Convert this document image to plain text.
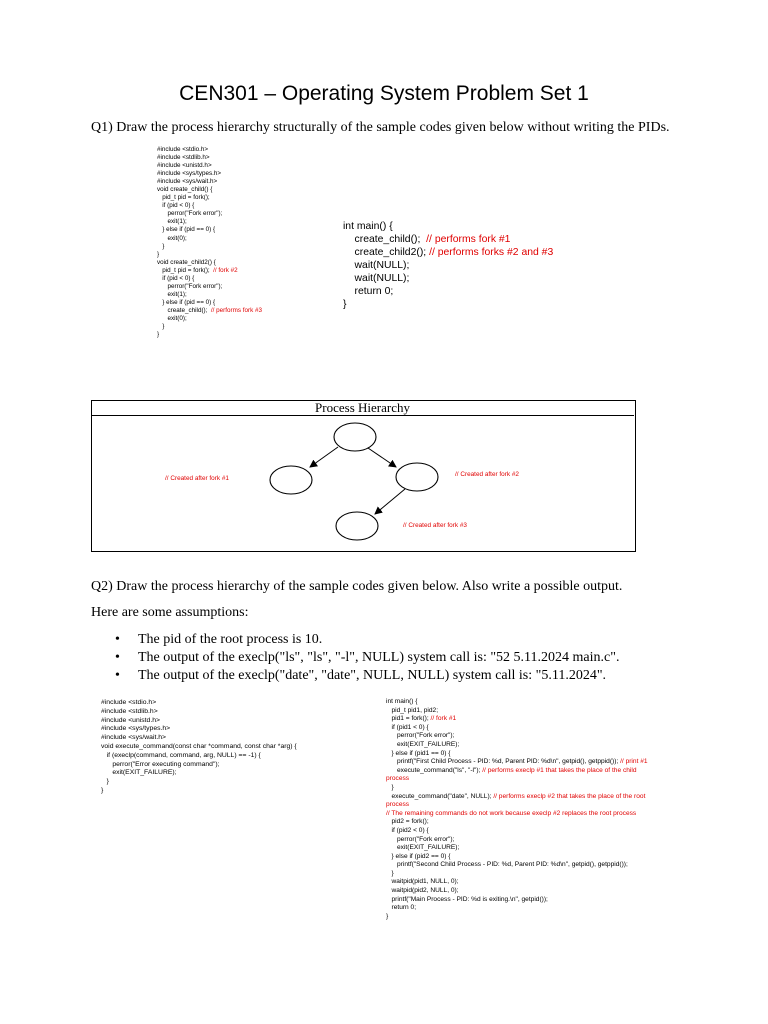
CEN301 – Operating System Problem Set 1
Q1) Draw the process hierarchy structurally of the sample codes given below without writing the PIDs.
#include <stdio.h>
#include <stdlib.h>
#include <unistd.h>
#include <sys/types.h>
#include <sys/wait.h>
void create_child() {
pid_t pid = fork();
if (pid < 0) {
perror("Fork error");
exit(1);
} else if (pid == 0) {
exit(0);
}
}
void create_child2() {
pid_t pid = fork();  // fork #2
if (pid < 0) {
perror("Fork error");
exit(1);
} else if (pid == 0) {
create_child();  // performs fork #3
exit(0);
}
}
int main() {
create_child();  // performs fork #1
create_child2(); // performs forks #2 and #3
wait(NULL);
wait(NULL);
return 0;
}
Process Hierarchy
// Created after fork #1
// Created after fork #2
// Created after fork #3
Q2) Draw the process hierarchy of the sample codes given below. Also write a possible output.
Here are some assumptions:
• The pid of the root process is 10.
• The output of the execlp("ls", "ls", "-l", NULL) system call is: "52 5.11.2024 main.c".
• The output of the execlp("date", "date", NULL, NULL) system call is: "5.11.2024".
#include <stdio.h>
#include <stdlib.h>
#include <unistd.h>
#include <sys/types.h>
#include <sys/wait.h>
void execute_command(const char *command, const char *arg) {
if (execlp(command, command, arg, NULL) == -1) {
perror("Error executing command");
exit(EXIT_FAILURE);
}
}
int main() {
pid_t pid1, pid2;
pid1 = fork(); // fork #1
if (pid1 < 0) {
perror("Fork error");
exit(EXIT_FAILURE);
} else if (pid1 == 0) {
printf("First Child Process - PID: %d, Parent PID: %d\n", getpid(), getppid()); // print #1
execute_command("ls", "-l"); // performs execlp #1 that takes the place of the child
process
}
execute_command("date", NULL); // performs execlp #2 that takes the place of the root
process
// The remaining commands do not work because execlp #2 replaces the root process
pid2 = fork();
if (pid2 < 0) {
perror("Fork error");
exit(EXIT_FAILURE);
} else if (pid2 == 0) {
printf("Second Child Process - PID: %d, Parent PID: %d\n", getpid(), getppid());
}
waitpid(pid1, NULL, 0);
waitpid(pid2, NULL, 0);
printf("Main Process - PID: %d is exiting.\n", getpid());
return 0;
}
